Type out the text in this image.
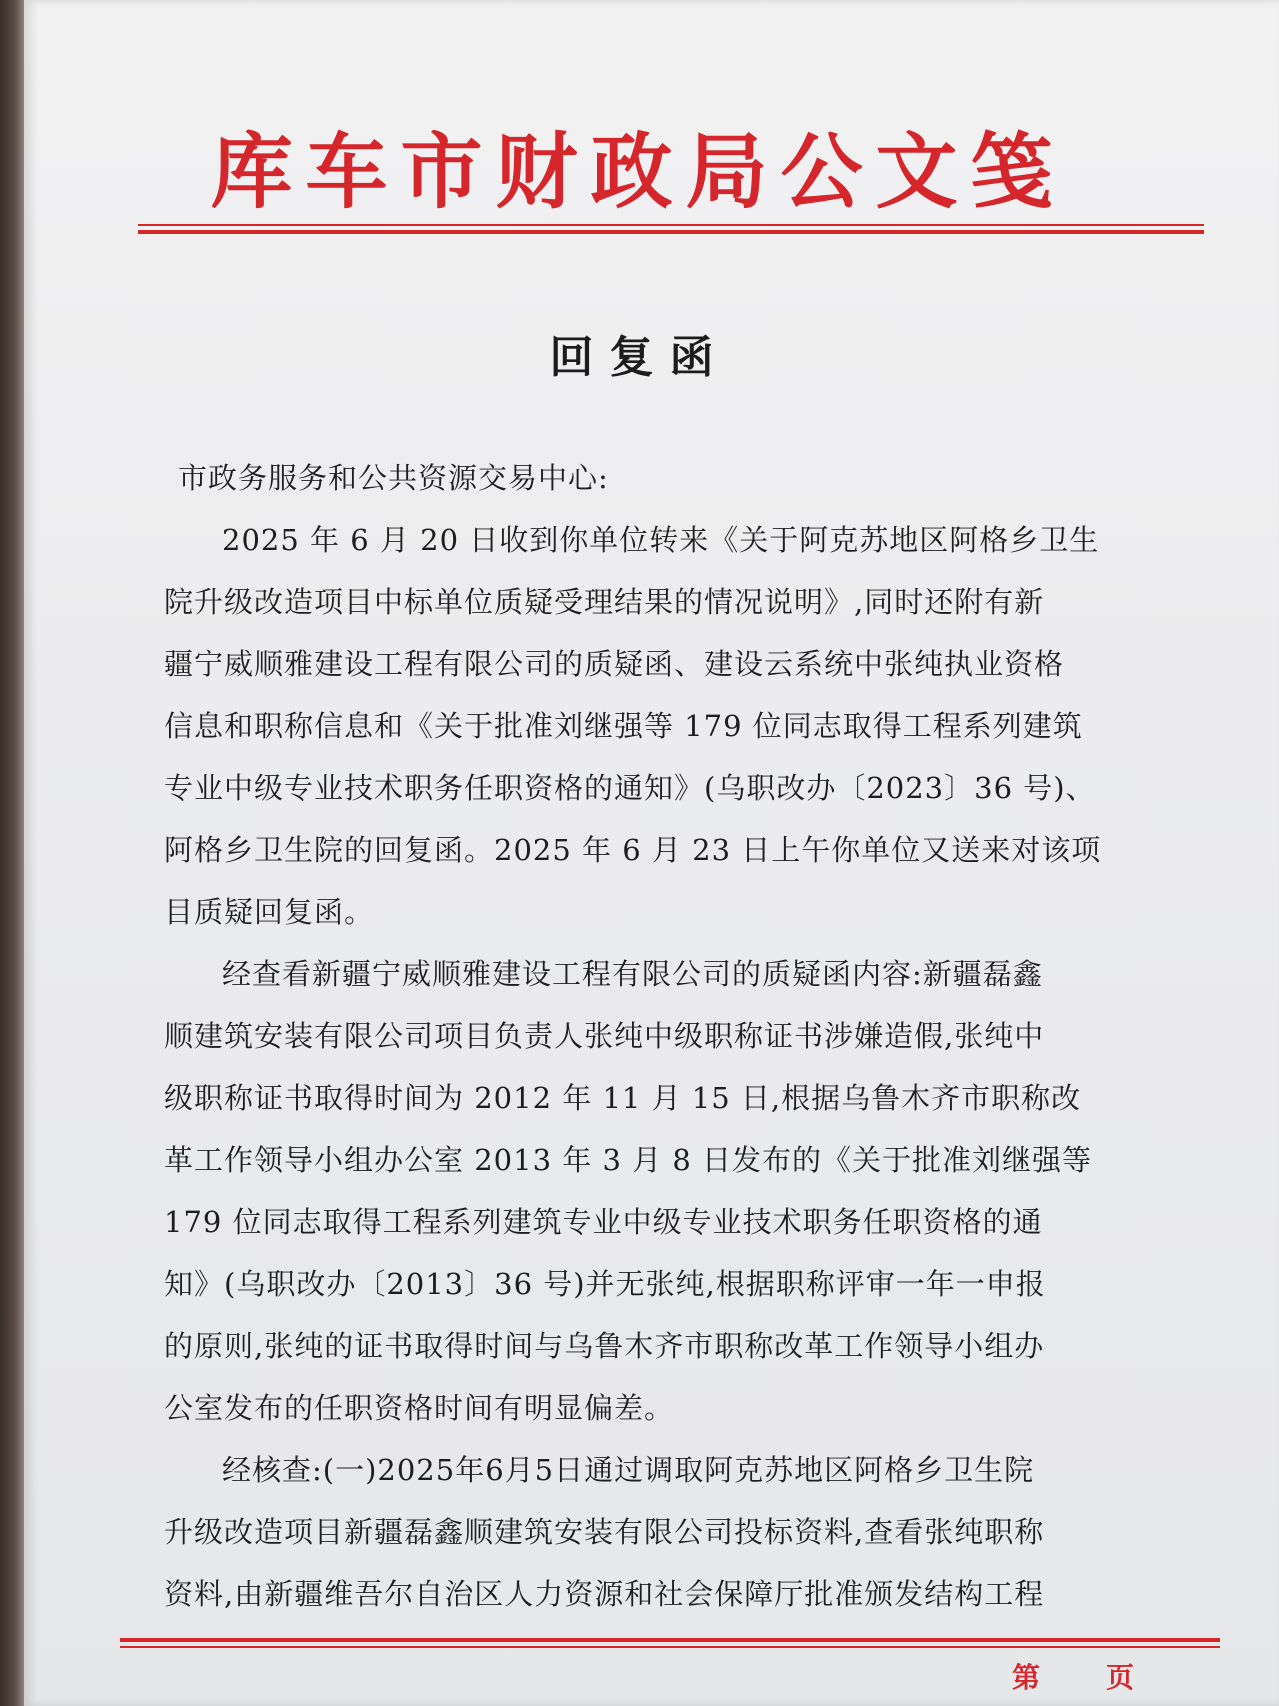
库车市财政局公文笺
回复函
市政务服务和公共资源交易中心:
2025 年 6 月 20 日收到你单位转来《关于阿克苏地区阿格乡卫生
院升级改造项目中标单位质疑受理结果的情况说明》,同时还附有新
疆宁威顺雅建设工程有限公司的质疑函、建设云系统中张纯执业资格
信息和职称信息和《关于批准刘继强等 179 位同志取得工程系列建筑
专业中级专业技术职务任职资格的通知》(乌职改办〔2023〕36 号)、
阿格乡卫生院的回复函。2025 年 6 月 23 日上午你单位又送来对该项
目质疑回复函。
经查看新疆宁威顺雅建设工程有限公司的质疑函内容:新疆磊鑫
顺建筑安装有限公司项目负责人张纯中级职称证书涉嫌造假,张纯中
级职称证书取得时间为 2012 年 11 月 15 日,根据乌鲁木齐市职称改
革工作领导小组办公室 2013 年 3 月 8 日发布的《关于批准刘继强等
179 位同志取得工程系列建筑专业中级专业技术职务任职资格的通
知》(乌职改办〔2013〕36 号)并无张纯,根据职称评审一年一申报
的原则,张纯的证书取得时间与乌鲁木齐市职称改革工作领导小组办
公室发布的任职资格时间有明显偏差。
经核查:(一)2025年6月5日通过调取阿克苏地区阿格乡卫生院
升级改造项目新疆磊鑫顺建筑安装有限公司投标资料,查看张纯职称
资料,由新疆维吾尔自治区人力资源和社会保障厅批准颁发结构工程
第 页
